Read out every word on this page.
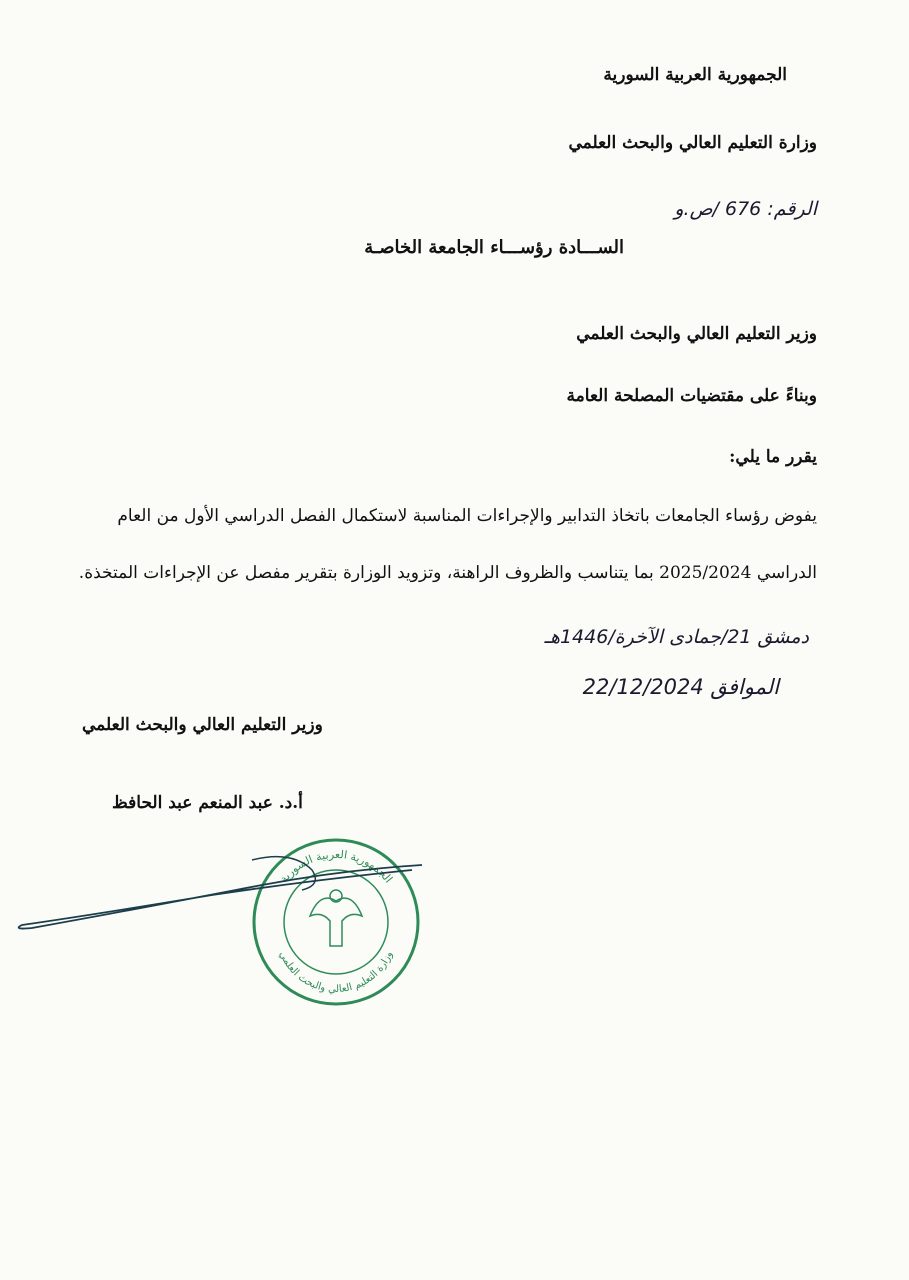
الجمهورية العربية السورية
وزارة التعليم العالي والبحث العلمي
الرقم: 676 /ص.و
الســـادة رؤســـاء الجامعة الخاصـة
وزير التعليم العالي والبحث العلمي
وبناءً على مقتضيات المصلحة العامة
يقرر ما يلي:
يفوض رؤساء الجامعات باتخاذ التدابير والإجراءات المناسبة لاستكمال الفصل الدراسي الأول من العام
الدراسي 2025/2024 بما يتناسب والظروف الراهنة، وتزويد الوزارة بتقرير مفصل عن الإجراءات المتخذة.
دمشق 21/جمادى الآخرة/1446هـ
الموافق 22/12/2024
وزير التعليم العالي والبحث العلمي
أ.د. عبد المنعم عبد الحافظ
الجمهورية العربية السورية
وزارة التعليم العالي والبحث العلمي
